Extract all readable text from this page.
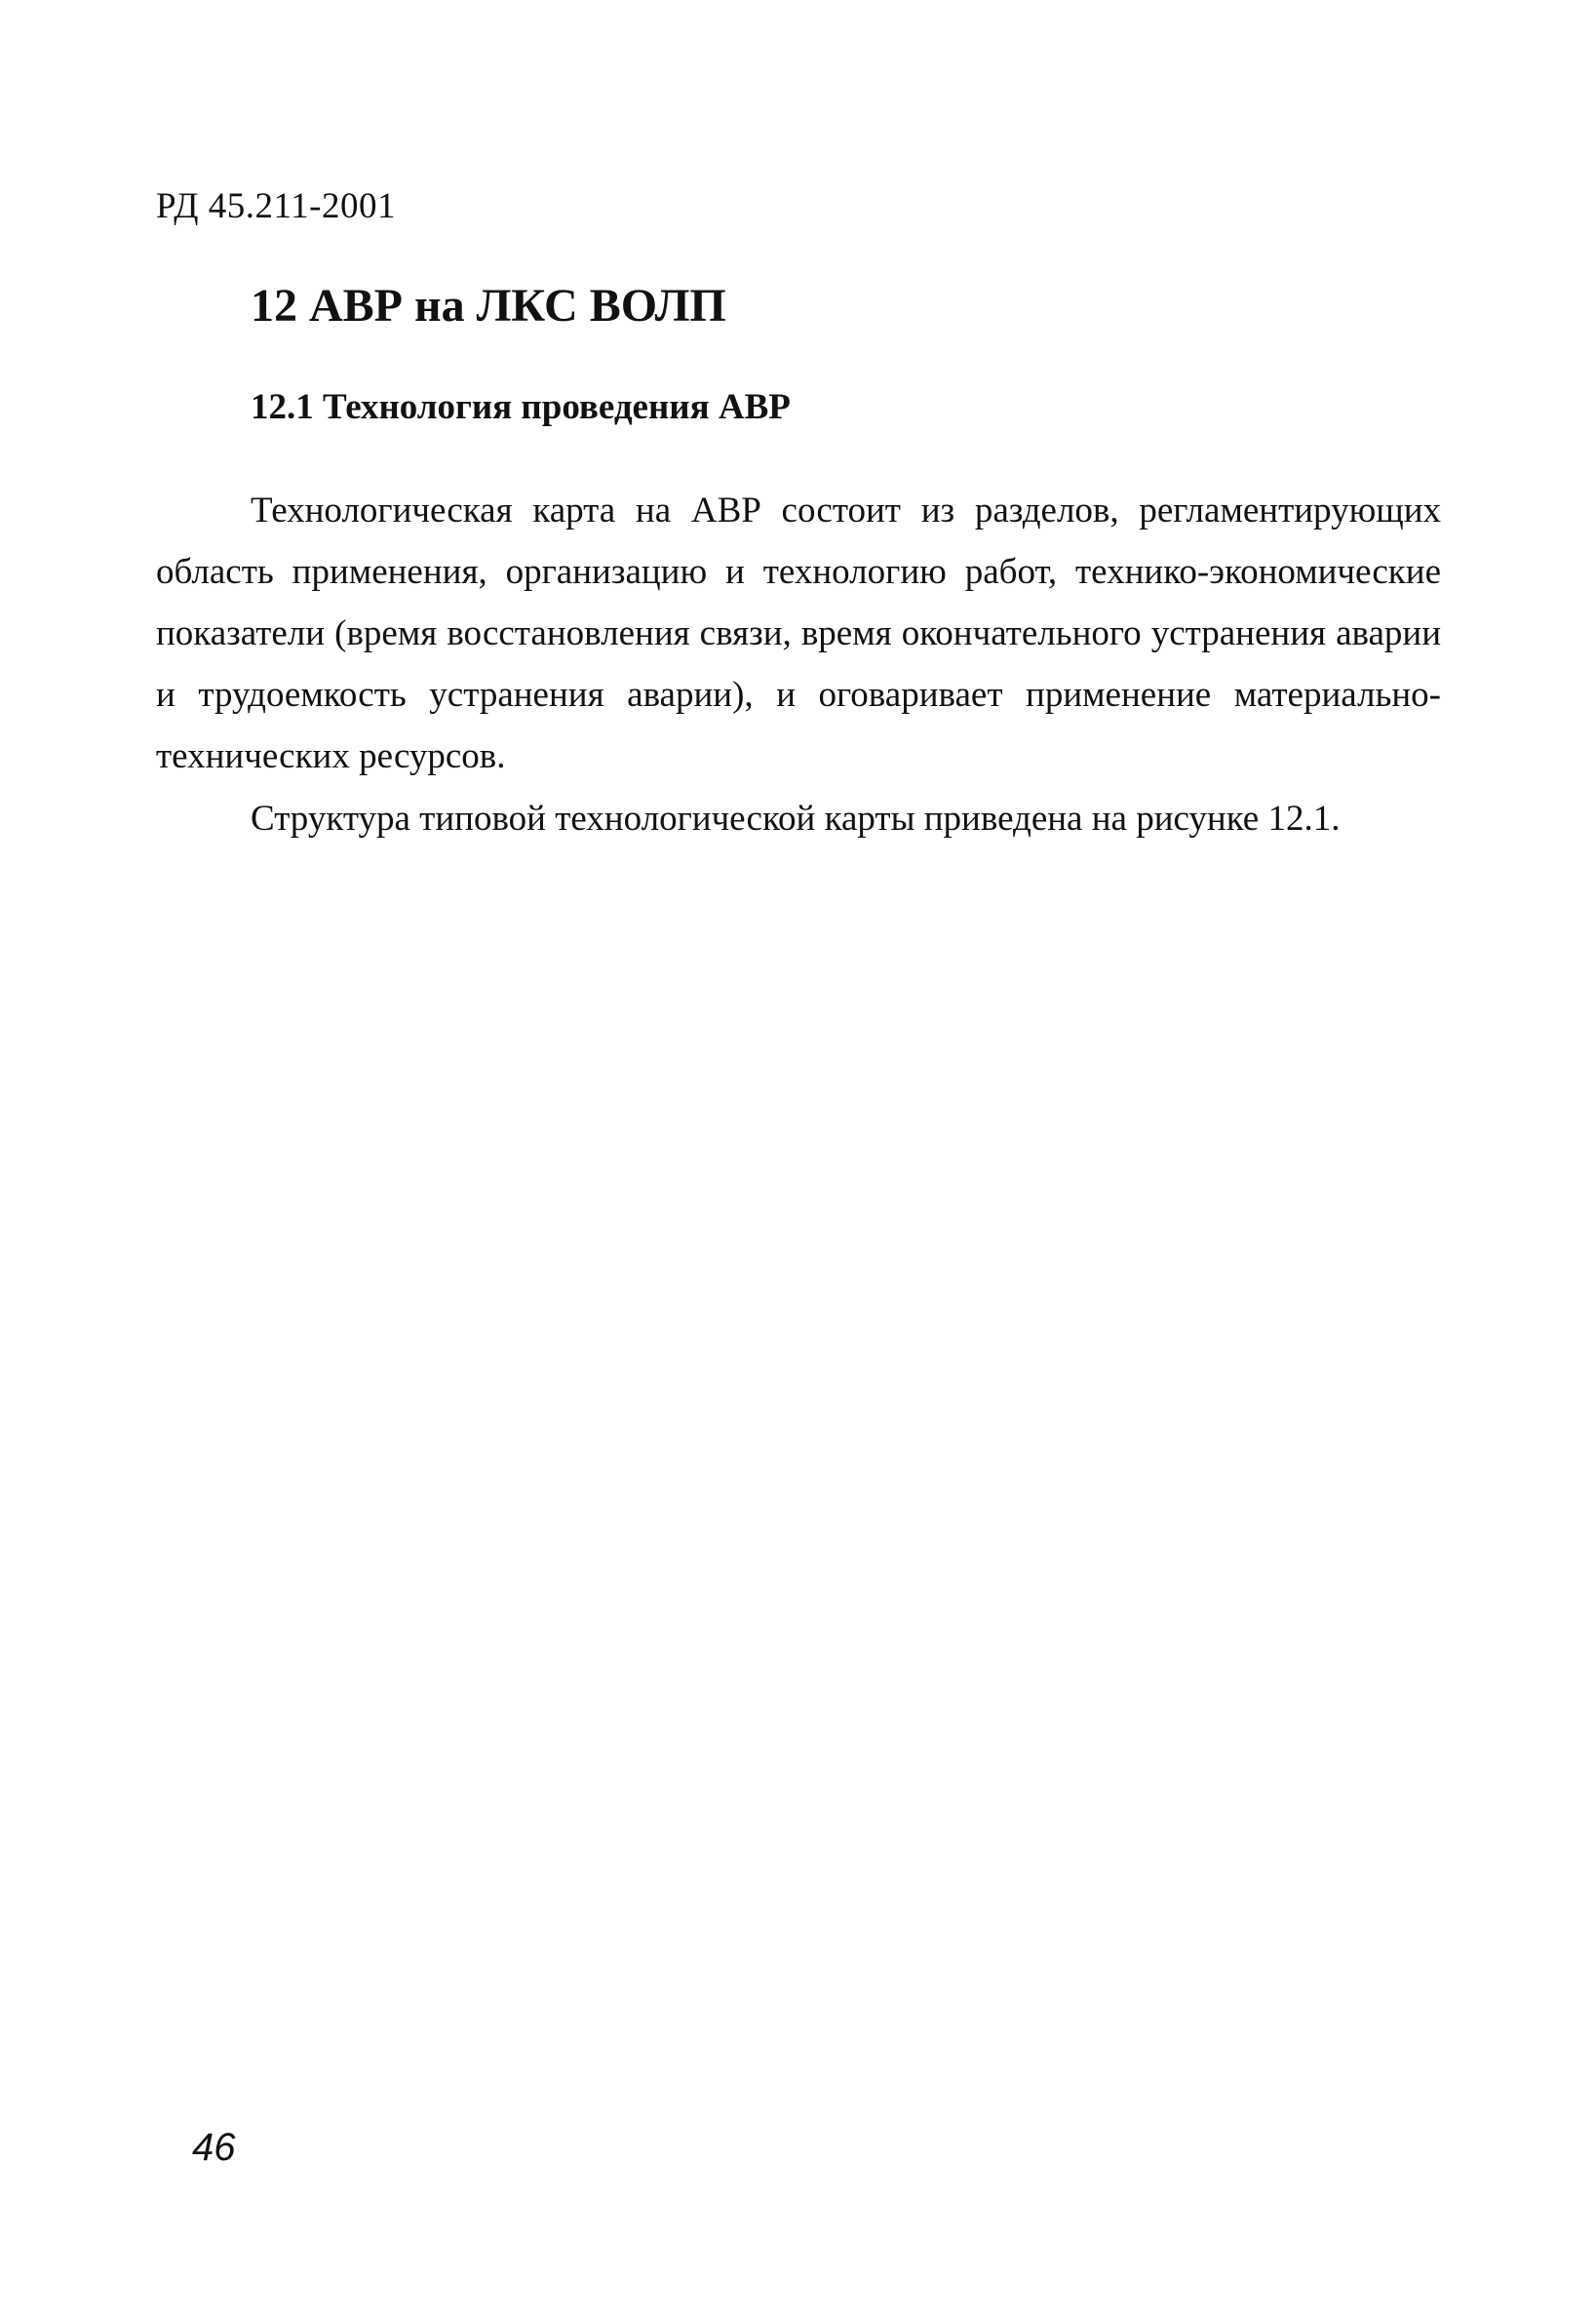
РД 45.211-2001
12 АВР на ЛКС ВОЛП
12.1 Технология проведения АВР

Технологическая карта на АВР состоит из разделов, регламентирующих область применения, организацию и технологию работ, технико-экономические показатели (время восстановления связи, время окончательного устранения аварии и трудоемкость устранения аварии), и оговаривает применение материально-технических ресурсов.

Структура типовой технологической карты приведена на рисунке 12.1.

46
